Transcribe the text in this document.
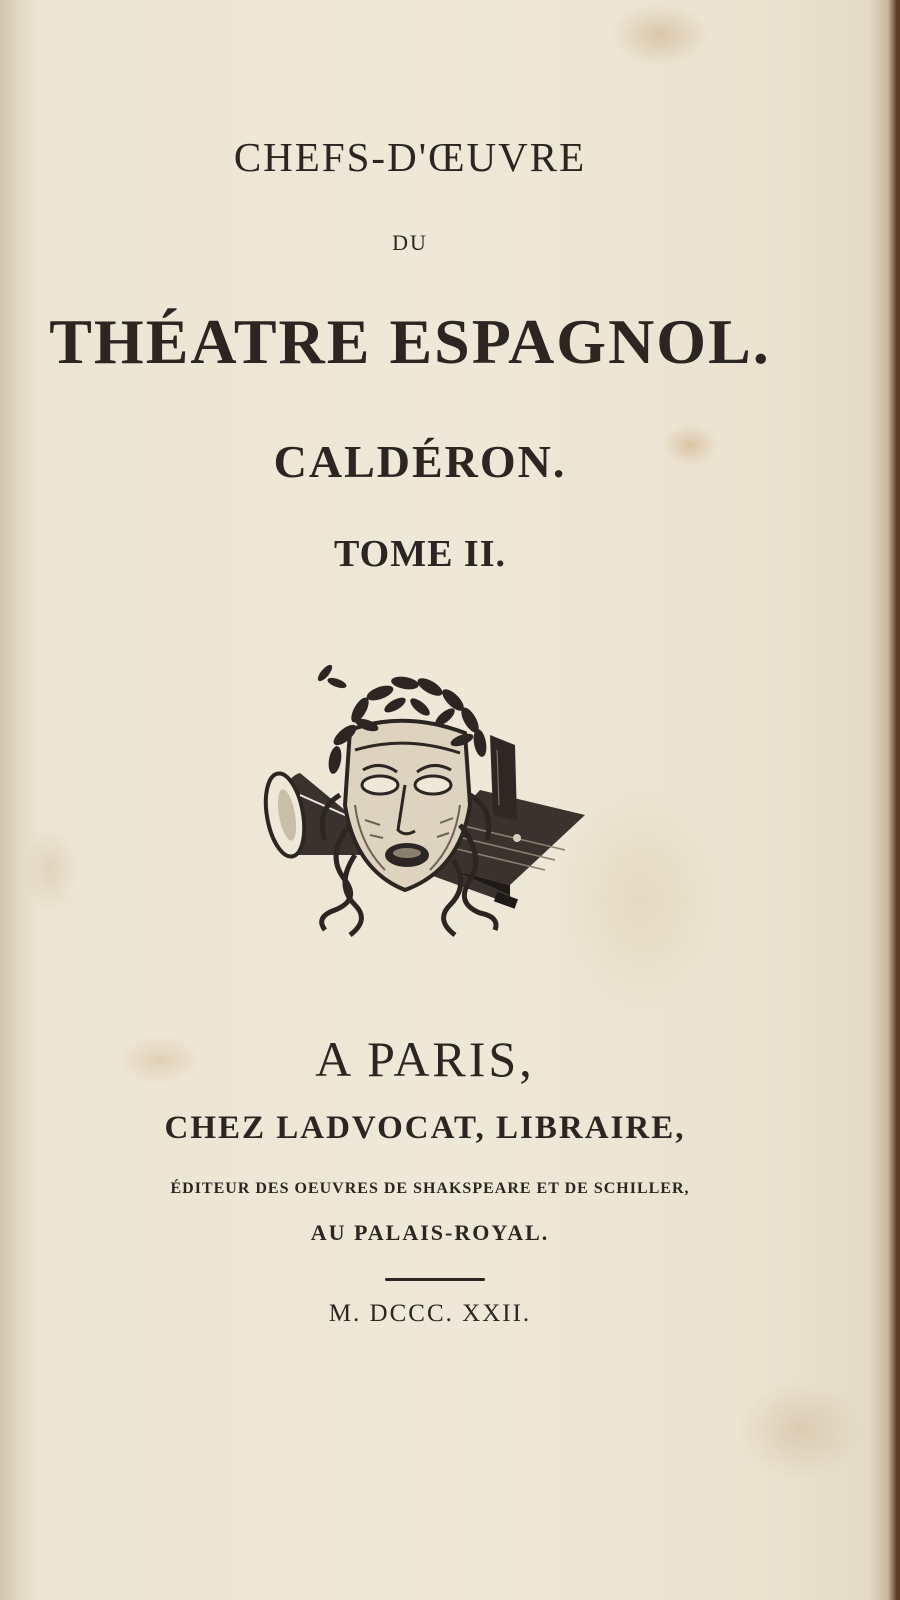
CHEFS-D'ŒUVRE
DU
THÉATRE ESPAGNOL.
CALDÉRON.
TOME II.
A PARIS,
CHEZ LADVOCAT, LIBRAIRE,
ÉDITEUR DES OEUVRES DE SHAKSPEARE ET DE SCHILLER,
AU PALAIS-ROYAL.
M. DCCC. XXII.
